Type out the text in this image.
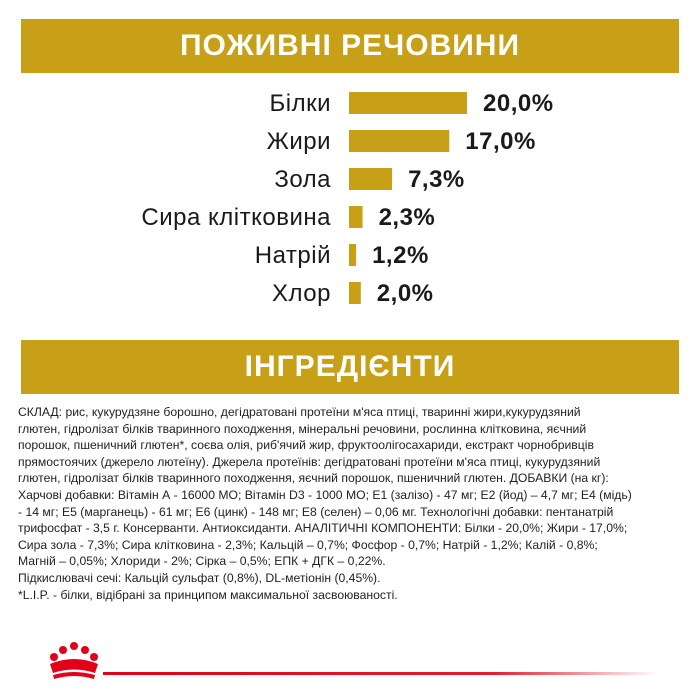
ПОЖИВНІ РЕЧОВИНИ
Білки	20,0%
Жири	17,0%
Зола	7,3%
Сира клітковина 2,3%
Натрій 1,2%
Хлор 2,0%
ІНГРЕДІЄНТИ

СКЛАД: рис, кукурудзяне борошно, дегідратовані протеїни м'яса птиці, тваринні жири,кукурудзяний

глютен, гідролізат білків тваринного походження, мінеральні речовини, рослинна клітковина, яєчний

порошок, пшеничний глютен*, соєва олія, риб'ячий жир, фруктоолігосахариди, екстракт чорнобривців

прямостоячих (джерело лютеїну). Джерела протеїнів: дегідратовані протеїни м'яса птиці, кукурудзяний

глютен, гідролізат білків тваринного походження, яєчний порошок, пшеничний глютен. ДОБАВКИ (на кг):

Харчові добавки: Вітамін А - 16000 МО; Вітамін D3 - 1000 МО; Е1 (залізо) - 47 мг; Е2 (йод) – 4,7 мг; Е4 (мідь)

- 14 мг; Е5 (марганець) - 61 мг; Е6 (цинк) - 148 мг; Е8 (селен) – 0,06 мг. Технологічні добавки: пентанатрій

трифосфат - 3,5 г. Консерванти. Антиоксиданти. АНАЛІТИЧНІ КОМПОНЕНТИ: Білки - 20,0%; Жири - 17,0%;

Сира зола - 7,3%; Сира клітковина - 2,3%; Кальцій – 0,7%; Фосфор - 0,7%; Натрій - 1,2%; Калій - 0,8%;

Магній – 0,05%; Хлориди - 2%; Сірка – 0,5%; ЕПК + ДГК – 0,22%.

Підкислювачі сечі: Кальцій сульфат (0,8%), DL-метіонін (0,45%).

*L.I.P. - білки, відібрані за принципом максимальної засвоюваності.
